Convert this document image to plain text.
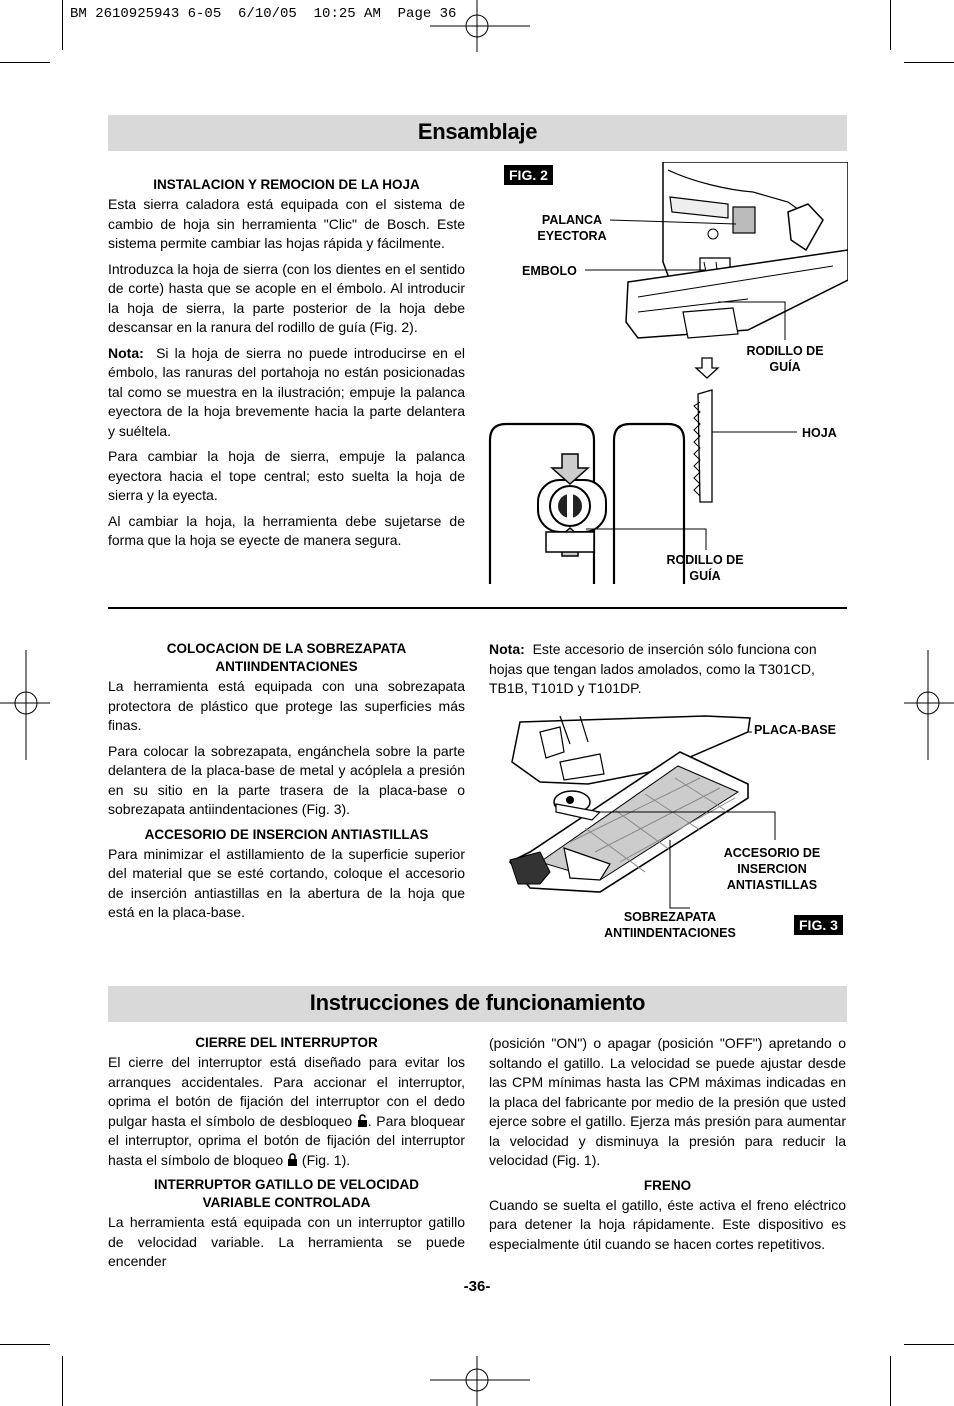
BM 2610925943 6-05  6/10/05  10:25 AM  Page 36
Ensamblaje
INSTALACION Y REMOCION DE LA HOJA

Esta sierra caladora está equipada con el sistema de cambio de hoja sin herramienta "Clic" de Bosch. Este sistema permite cambiar las hojas rápida y fácilmente.

Introduzca la hoja de sierra (con los dientes en el sentido de corte) hasta que se acople en el émbolo. Al introducir la hoja de sierra, la parte posterior de la hoja debe descansar en la ranura del rodillo de guía (Fig. 2).

Nota: Si la hoja de sierra no puede introducirse en el émbolo, las ranuras del portahoja no están posicionadas tal como se muestra en la ilustración; empuje la palanca eyectora de la hoja brevemente hacia la parte delantera y suéltela.

Para cambiar la hoja de sierra, empuje la palanca eyectora hacia el tope central; esto suelta la hoja de sierra y la eyecta.

Al cambiar la hoja, la herramienta debe sujetarse de forma que la hoja se eyecte de manera segura.

FIG. 2
PALANCA
EYECTORA
EMBOLO
RODILLO DE
GUÍA
HOJA
RODILLO DE
GUÍA
COLOCACION DE LA SOBREZAPATA
ANTIINDENTACIONES

La herramienta está equipada con una sobrezapata protectora de plástico que protege las superficies más finas.

Para colocar la sobrezapata, engánchela sobre la parte delantera de la placa-base de metal y acóplela a presión en su sitio en la parte trasera de la placa-base o sobrezapata antiindentaciones (Fig. 3).

ACCESORIO DE INSERCION ANTIASTILLAS

Para minimizar el astillamiento de la superficie superior del material que se esté cortando, coloque el accesorio de inserción antiastillas en la abertura de la hoja que está en la placa-base.

Nota: Este accesorio de inserción sólo funciona con hojas que tengan lados amolados, como la T301CD, TB1B, T101D y T101DP.

PLACA-BASE
ACCESORIO DE
INSERCION
ANTIASTILLAS
SOBREZAPATA
ANTIINDENTACIONES	FIG. 3
Instrucciones de funcionamiento
CIERRE DEL INTERRUPTOR

El cierre del interruptor está diseñado para evitar los arranques accidentales. Para accionar el interruptor, oprima el botón de fijación del interruptor con el dedo pulgar hasta el símbolo de desbloqueo . Para bloquear el interruptor, oprima el botón de fijación del interruptor hasta el símbolo de bloqueo (Fig. 1).

INTERRUPTOR GATILLO DE VELOCIDAD
VARIABLE CONTROLADA

La herramienta está equipada con un interruptor gatillo de velocidad variable. La herramienta se puede encender

(posición "ON") o apagar (posición "OFF") apretando o soltando el gatillo. La velocidad se puede ajustar desde las CPM mínimas hasta las CPM máximas indicadas en la placa del fabricante por medio de la presión que usted ejerce sobre el gatillo. Ejerza más presión para aumentar la velocidad y disminuya la presión para reducir la velocidad (Fig. 1).

FRENO

Cuando se suelta el gatillo, éste activa el freno eléctrico para detener la hoja rápidamente. Este dispositivo es especialmente útil cuando se hacen cortes repetitivos.

-36-
